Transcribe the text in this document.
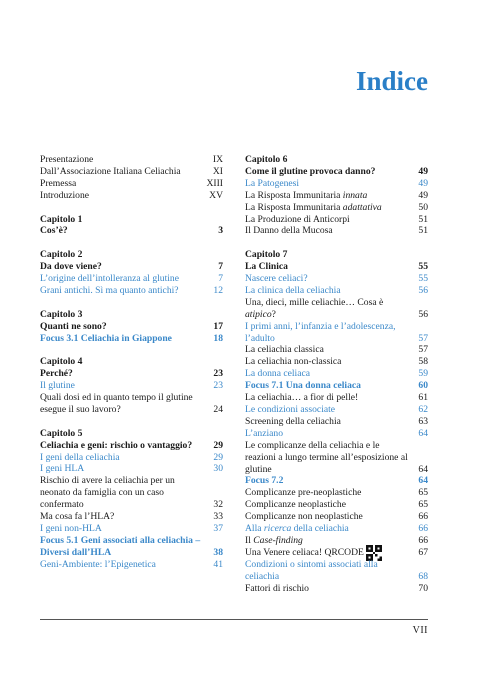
Indice
Presentazione	IX
Dall’Associazione Italiana Celiachia	XI
Premessa	XIII
Introduzione	XV
Capitolo 1
Cos’è?	3
Capitolo 2
Da dove viene?	7
L’origine dell’intolleranza al glutine	7
Grani antichi. Sì ma quanto antichi?	12
Capitolo 3
Quanti ne sono?	17
Focus 3.1 Celiachia in Giappone	18
Capitolo 4
Perché?	23
Il glutine	23
Quali dosi ed in quanto tempo il glutine esegue il suo lavoro?	24
Capitolo 5
Celiachia e geni: rischio o vantaggio?	29
I geni della celiachia	29
I geni HLA	30
Rischio di avere la celiachia per un neonato da famiglia con un caso confermato	32
Ma cosa fa l’HLA?	33
I geni non-HLA	37
Focus 5.1 Geni associati alla celiachia – Diversi dall’HLA	38
Geni-Ambiente: l’Epigenetica	41
Capitolo 6
Come il glutine provoca danno?	49
La Patogenesi	49
La Risposta Immunitaria innata	49
La Risposta Immunitaria adattativa	50
La Produzione di Anticorpi	51
Il Danno della Mucosa	51
Capitolo 7
La Clinica	55
Nascere celiaci?	55
La clinica della celiachia	56
Una, dieci, mille celiachie… Cosa è atipico?	56
I primi anni, l’infanzia e l’adolescenza, l’adulto	57
La celiachia classica	57
La celiachia non-classica	58
La donna celiaca	59
Focus 7.1 Una donna celiaca	60
La celiachia… a fior di pelle!	61
Le condizioni associate	62
Screening della celiachia	63
L’anziano	64
Le complicanze della celiachia e le reazioni a lungo termine all’esposizione al glutine	64
Focus 7.2	64
Complicanze pre-neoplastiche	65
Complicanze neoplastiche	65
Complicanze non neoplastiche	66
Alla ricerca della celiachia	66
Il Case-finding	66
Una Venere celiaca! QRCODE	67
Condizioni o sintomi associati alla celiachia	68
Fattori di rischio	70
VII
